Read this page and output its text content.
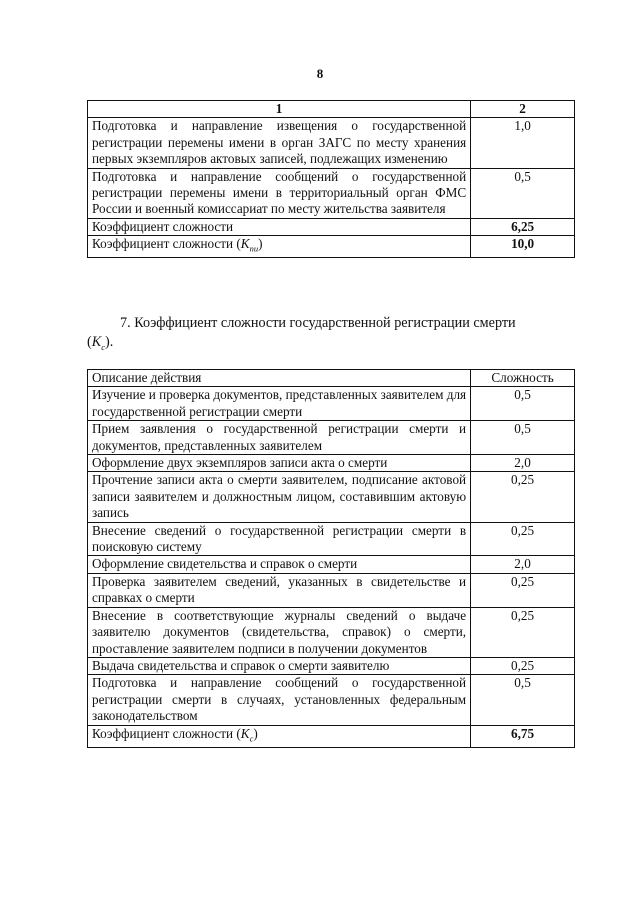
8
1	2
Подготовка и направление извещения о государственной регистрации перемены имени в орган ЗАГС по месту хранения первых экземпляров актовых записей, подлежащих изменению	1,0
Подготовка и направление сообщений о государственной регистрации перемены имени в территориальный орган ФМС России и военный комиссариат по месту жительства заявителя	0,5
Коэффициент сложности	6,25
Коэффициент сложности $(K_{пи})$	10,0
7. Коэффициент сложности государственной регистрации смерти
$(K_с)$.
Описание действия	Сложность
Изучение и проверка документов, представленных заявителем для государственной регистрации смерти	0,5
Прием заявления о государственной регистрации смерти и документов, представленных заявителем	0,5
Оформление двух экземпляров записи акта о смерти	2,0
Прочтение записи акта о смерти заявителем, подписание актовой записи заявителем и должностным лицом, составившим актовую запись	0,25
Внесение сведений о государственной регистрации смерти в поисковую систему	0,25
Оформление свидетельства и справок о смерти	2,0
Проверка заявителем сведений, указанных в свидетельстве и справках о смерти	0,25
Внесение в соответствующие журналы сведений о выдаче заявителю документов (свидетельства, справок) о смерти, проставление заявителем подписи в получении документов	0,25
Выдача свидетельства и справок о смерти заявителю	0,25
Подготовка и направление сообщений о государственной регистрации смерти в случаях, установленных федеральным законодательством	0,5
Коэффициент сложности $(K_с)$	6,75
